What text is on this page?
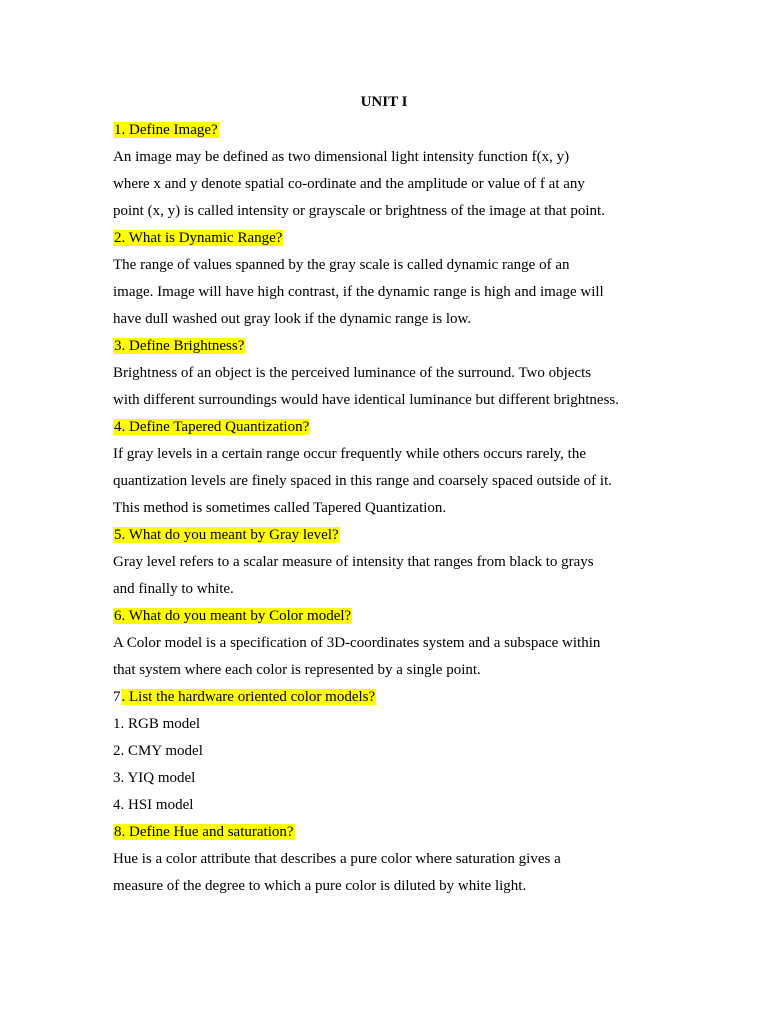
UNIT I
1. Define Image?
An image may be defined as two dimensional light intensity function f(x, y)
where x and y denote spatial co-ordinate and the amplitude or value of f at any
point (x, y) is called intensity or grayscale or brightness of the image at that point.
2. What is Dynamic Range?
The range of values spanned by the gray scale is called dynamic range of an
image. Image will have high contrast, if the dynamic range is high and image will
have dull washed out gray look if the dynamic range is low.
3. Define Brightness?
Brightness of an object is the perceived luminance of the surround. Two objects
with different surroundings would have identical luminance but different brightness.
4. Define Tapered Quantization?
If gray levels in a certain range occur frequently while others occurs rarely, the
quantization levels are finely spaced in this range and coarsely spaced outside of it.
This method is sometimes called Tapered Quantization.
5. What do you meant by Gray level?
Gray level refers to a scalar measure of intensity that ranges from black to grays
and finally to white.
6. What do you meant by Color model?
A Color model is a specification of 3D-coordinates system and a subspace within
that system where each color is represented by a single point.
7. List the hardware oriented color models?
1. RGB model
2. CMY model
3. YIQ model
4. HSI model
8. Define Hue and saturation?
Hue is a color attribute that describes a pure color where saturation gives a
measure of the degree to which a pure color is diluted by white light.
